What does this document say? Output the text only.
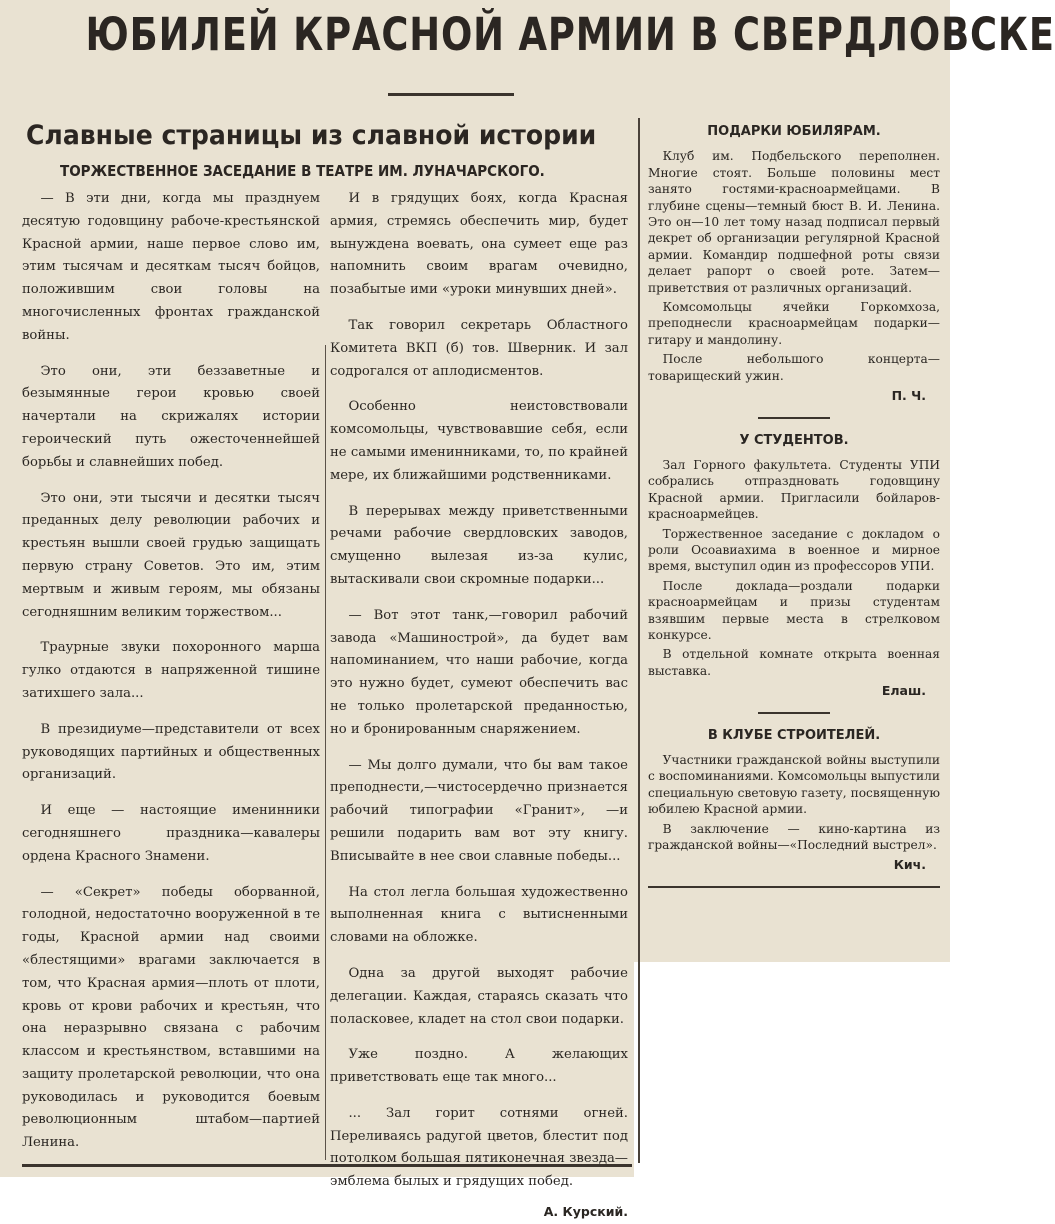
ЮБИЛЕЙ КРАСНОЙ АРМИИ В СВЕРДЛОВСКЕ
Славные страницы из славной истории
ТОРЖЕСТВЕННОЕ ЗАСЕДАНИЕ В ТЕАТРЕ ИМ. ЛУНАЧАРСКОГО.

— В эти дни, когда мы празднуем десятую годовщину рабоче-крестьянской Красной армии, наше первое слово им, этим тысячам и десяткам тысяч бойцов, положившим свои головы на многочисленных фронтах гражданской войны.

Это они, эти беззаветные и безымянные герои кровью своей начертали на скрижалях истории героический путь ожесточеннейшей борьбы и славнейших побед.

Это они, эти тысячи и десятки тысяч преданных делу революции рабочих и крестьян вышли своей грудью защищать первую страну Советов. Это им, этим мертвым и живым героям, мы обязаны сегодняшним великим торжеством...

Траурные звуки похоронного марша гулко отдаются в напряженной тишине затихшего зала...

В президиуме—представители от всех руководящих партийных и общественных организаций.

И еще — настоящие именинники сегодняшнего праздника—кавалеры ордена Красного Знамени.

— «Секрет» победы оборванной, голодной, недостаточно вооруженной в те годы, Красной армии над своими «блестящими» врагами заключается в том, что Красная армия—плоть от плоти, кровь от крови рабочих и крестьян, что она неразрывно связана с рабочим классом и крестьянством, вставшими на защиту пролетарской революции, что она руководилась и руководится боевым революционным штабом—партией Ленина.

И в грядущих боях, когда Красная армия, стремясь обеспечить мир, будет вынуждена воевать, она сумеет еще раз напомнить своим врагам очевидно, позабытые ими «уроки минувших дней».

Так говорил секретарь Областного Комитета ВКП (б) тов. Шверник. И зал содрогался от аплодисментов.

Особенно неистовствовали комсомольцы, чувствовавшие себя, если не самыми именинниками, то, по крайней мере, их ближайшими родственниками.

В перерывах между приветственными речами рабочие свердловских заводов, смущенно вылезая из-за кулис, вытаскивали свои скромные подарки...

— Вот этот танк,—говорил рабочий завода «Машинострой», да будет вам напоминанием, что наши рабочие, когда это нужно будет, сумеют обеспечить вас не только пролетарской преданностью, но и бронированным снаряжением.

— Мы долго думали, что бы вам такое преподнести,—чистосердечно признается рабочий типографии «Гранит», —и решили подарить вам вот эту книгу. Вписывайте в нее свои славные победы...

На стол легла большая художественно выполненная книга с вытисненными словами на обложке.

Одна за другой выходят рабочие делегации. Каждая, стараясь сказать что поласковее, кладет на стол свои подарки.

Уже поздно. А желающих приветствовать еще так много...

... Зал горит сотнями огней. Переливаясь радугой цветов, блестит под потолком большая пятиконечная звезда—эмблема былых и грядущих побед.

А. Курский.
ПОДАРКИ ЮБИЛЯРАМ.

Клуб им. Подбельского переполнен. Многие стоят. Больше половины мест занято гостями-красноармейцами. В глубине сцены—темный бюст В. И. Ленина. Это он—10 лет тому назад подписал первый декрет об организации регулярной Красной армии. Командир подшефной роты связи делает рапорт о своей роте. Затем—приветствия от различных организаций.

Комсомольцы ячейки Горкомхоза, преподнесли красноармейцам подарки—гитару и мандолину.

После небольшого концерта—товарищеский ужин.

П. Ч.
У СТУДЕНТОВ.

Зал Горного факультета. Студенты УПИ собрались отпраздновать годовщину Красной армии. Пригласили бойларов-красноармейцев.

Торжественное заседание с докладом о роли Осоавиахима в военное и мирное время, выступил один из профессоров УПИ.

После доклада—роздали подарки красноармейцам и призы студентам взявшим первые места в стрелковом конкурсе.

В отдельной комнате открыта военная выставка.

Елаш.
В КЛУБЕ СТРОИТЕЛЕЙ.

Участники гражданской войны выступили с воспоминаниями. Комсомольцы выпустили специальную световую газету, посвященную юбилею Красной армии.

В заключение — кино-картина из гражданской войны—«Последний выстрел».

Кич.
